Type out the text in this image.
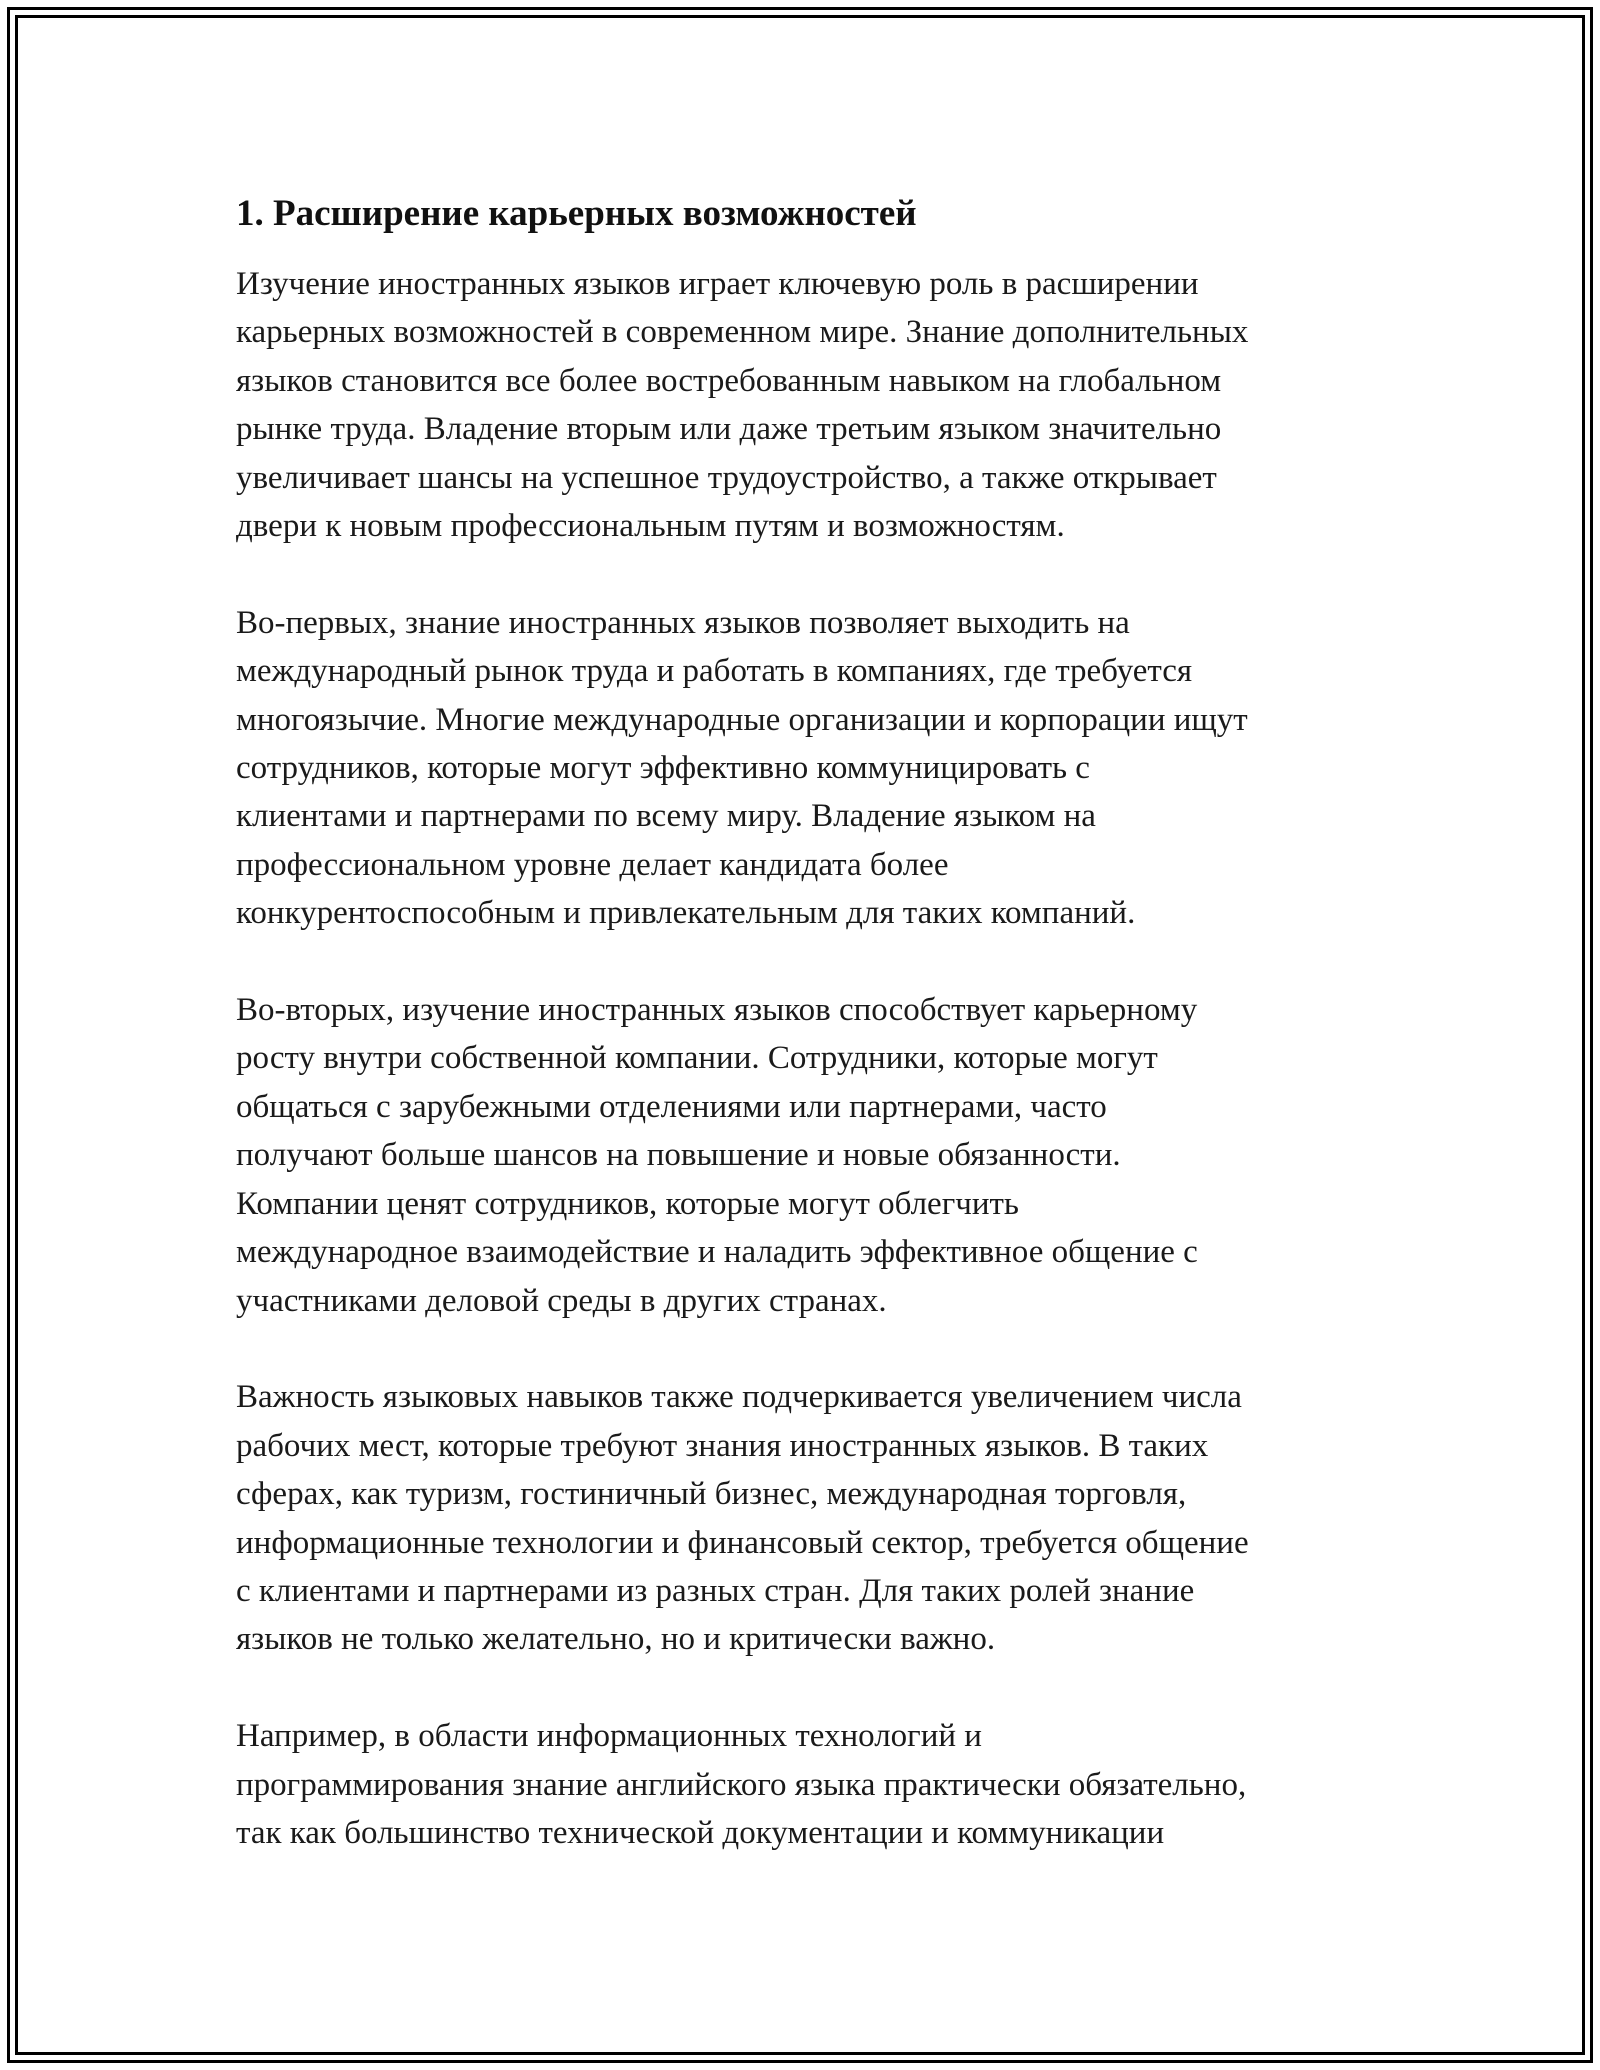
1. Расширение карьерных возможностей

Изучение иностранных языков играет ключевую роль в расширении
карьерных возможностей в современном мире. Знание дополнительных
языков становится все более востребованным навыком на глобальном
рынке труда. Владение вторым или даже третьим языком значительно
увеличивает шансы на успешное трудоустройство, а также открывает
двери к новым профессиональным путям и возможностям.

Во-первых, знание иностранных языков позволяет выходить на
международный рынок труда и работать в компаниях, где требуется
многоязычие. Многие международные организации и корпорации ищут
сотрудников, которые могут эффективно коммуницировать с
клиентами и партнерами по всему миру. Владение языком на
профессиональном уровне делает кандидата более
конкурентоспособным и привлекательным для таких компаний.

Во-вторых, изучение иностранных языков способствует карьерному
росту внутри собственной компании. Сотрудники, которые могут
общаться с зарубежными отделениями или партнерами, часто
получают больше шансов на повышение и новые обязанности.
Компании ценят сотрудников, которые могут облегчить
международное взаимодействие и наладить эффективное общение с
участниками деловой среды в других странах.

Важность языковых навыков также подчеркивается увеличением числа
рабочих мест, которые требуют знания иностранных языков. В таких
сферах, как туризм, гостиничный бизнес, международная торговля,
информационные технологии и финансовый сектор, требуется общение
с клиентами и партнерами из разных стран. Для таких ролей знание
языков не только желательно, но и критически важно.

Например, в области информационных технологий и
программирования знание английского языка практически обязательно,
так как большинство технической документации и коммуникации
